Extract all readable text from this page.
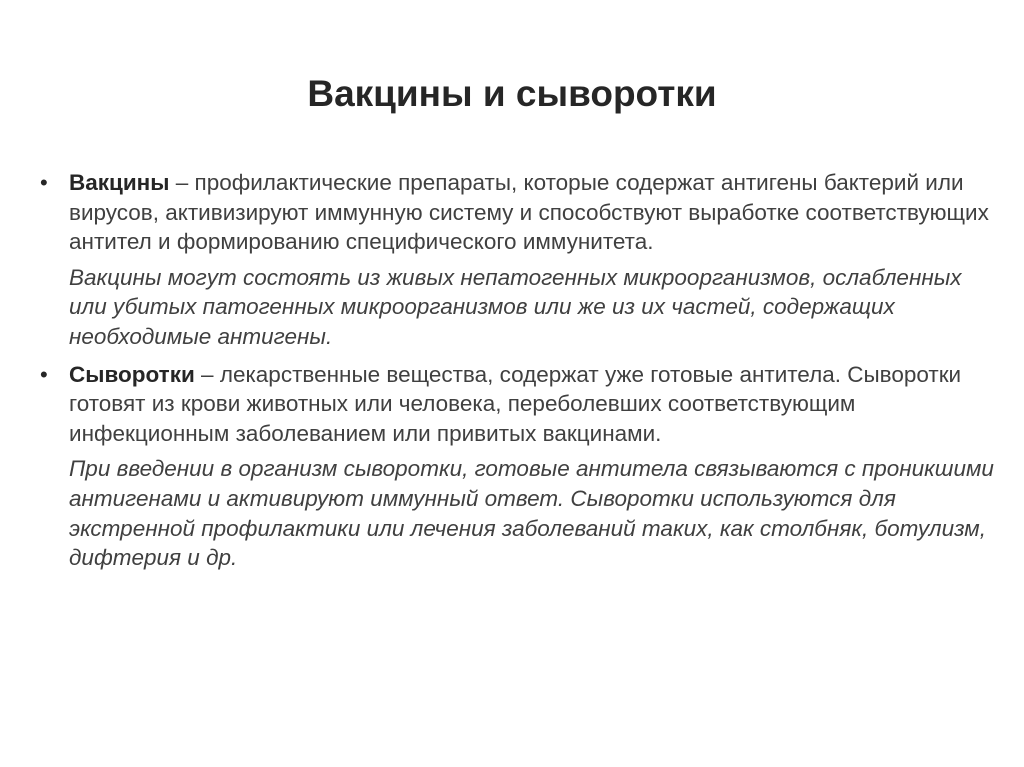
Вакцины и сыворотки
• Вакцины – профилактические препараты, которые содержат антигены бактерий или вирусов, активизируют иммунную систему и способствуют выработке соответствующих антител и формированию специфического иммунитета.

Вакцины могут состоять из живых непатогенных микроорганизмов, ослабленных или убитых патогенных микроорганизмов или же из их частей, содержащих необходимые антигены.

• Сыворотки – лекарственные вещества, содержат уже готовые антитела. Сыворотки готовят из крови животных или человека, переболевших соответствующим инфекционным заболеванием или привитых вакцинами.

При введении в организм сыворотки, готовые антитела связываются с проникшими антигенами и активируют иммунный ответ. Сыворотки используются для экстренной профилактики или лечения заболеваний таких, как столбняк, ботулизм, дифтерия и др.
